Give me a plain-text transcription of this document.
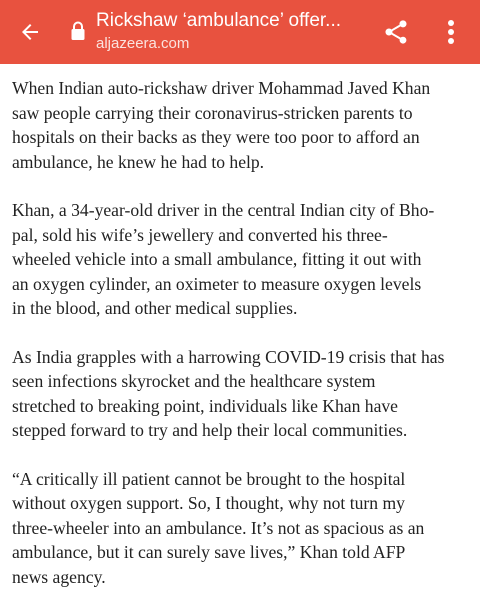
Rickshaw ‘ambulance’ offer...
aljazeera.com

When Indian auto-rickshaw driver Mohammad Javed Khan
saw people carrying their coronavirus-stricken parents to
hospitals on their backs as they were too poor to afford an
ambulance, he knew he had to help.

Khan, a 34-year-old driver in the central Indian city of Bho-
pal, sold his wife’s jewellery and converted his three-
wheeled vehicle into a small ambulance, fitting it out with
an oxygen cylinder, an oximeter to measure oxygen levels
in the blood, and other medical supplies.

As India grapples with a harrowing COVID-19 crisis that has
seen infections skyrocket and the healthcare system
stretched to breaking point, individuals like Khan have
stepped forward to try and help their local communities.

“A critically ill patient cannot be brought to the hospital
without oxygen support. So, I thought, why not turn my
three-wheeler into an ambulance. It’s not as spacious as an
ambulance, but it can surely save lives,” Khan told AFP
news agency.
